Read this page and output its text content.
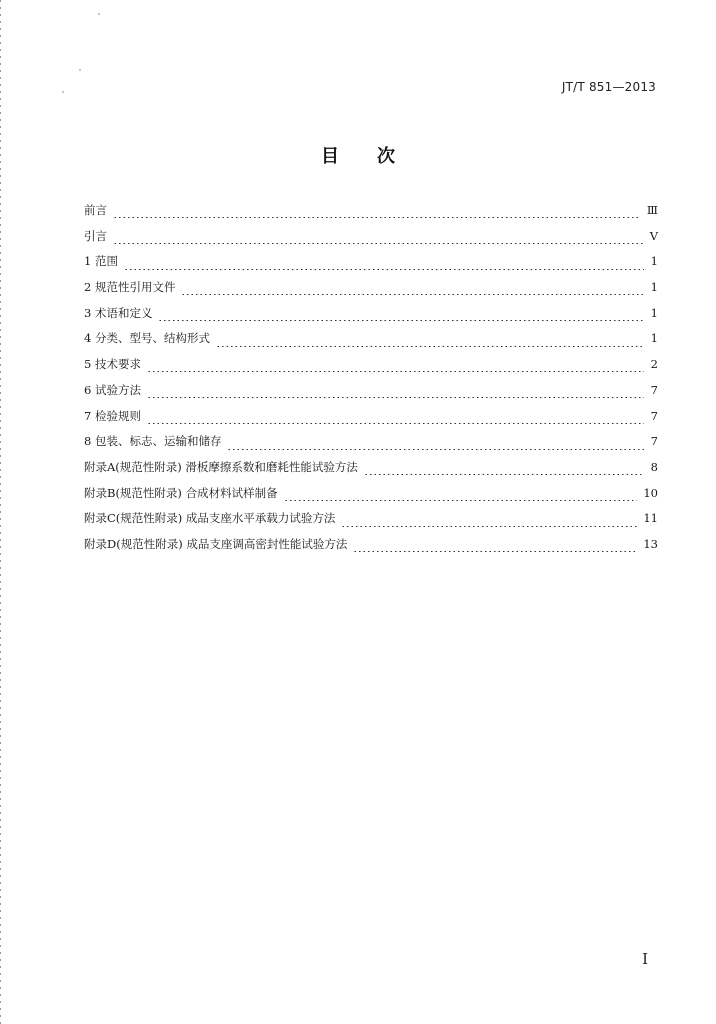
JT/T 851—2013
目次
前言	Ⅲ
引言	Ⅴ
1 范围	1
2 规范性引用文件	1
3 术语和定义	1
4 分类、型号、结构形式	1
5 技术要求	2
6 试验方法	7
7 检验规则	7
8 包装、标志、运输和储存	7
附录A(规范性附录) 滑板摩擦系数和磨耗性能试验方法	8
附录B(规范性附录) 合成材料试样制备	10
附录C(规范性附录) 成品支座水平承载力试验方法	11
附录D(规范性附录) 成品支座调高密封性能试验方法	13
I
